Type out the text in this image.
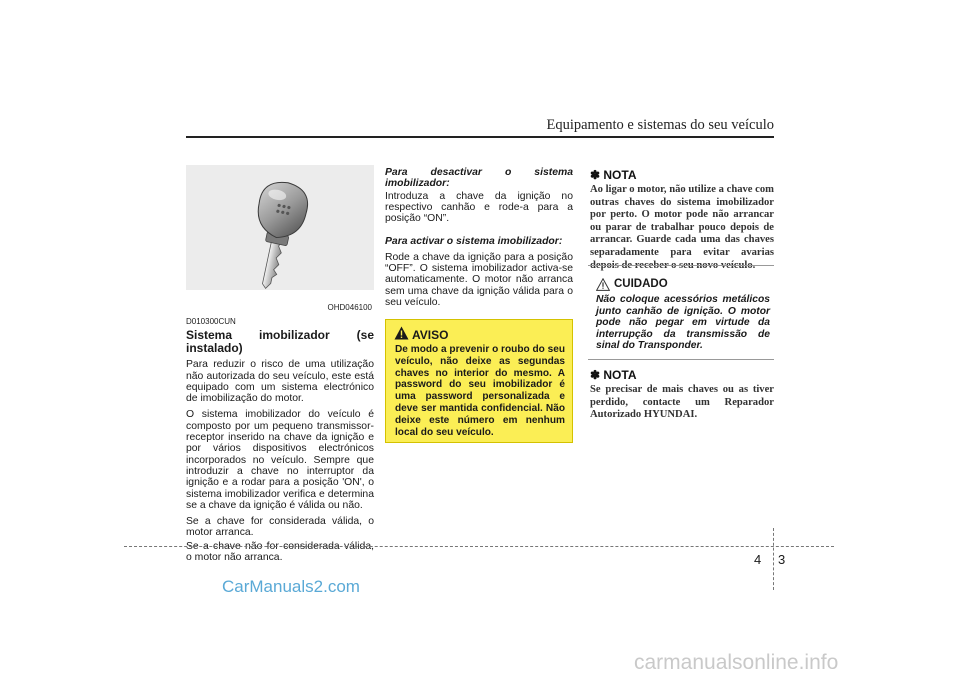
Equipamento e sistemas do seu veículo
OHD046100
D010300CUN
Sistema imobilizador (se instalado)

Para reduzir o risco de uma utilização não autorizada do seu veículo, este está equipado com um sistema electrónico de imobilização do motor.

O sistema imobilizador do veículo é composto por um pequeno transmissor-receptor inserido na chave da ignição e por vários dispositivos electrónicos incorporados no veículo. Sempre que introduzir a chave no interruptor da ignição e a rodar para a posição 'ON', o sistema imobilizador verifica e determina se a chave da ignição é válida ou não.

Se a chave for considerada válida, o motor arranca.

Se a chave não for considerada válida, o motor não arranca.

Para desactivar o sistema imobilizador:

Introduza a chave da ignição no respectivo canhão e rode-a para a posição “ON”.

Para activar o sistema imobilizador:

Rode a chave da ignição para a posição “OFF”. O sistema imobilizador activa-se automaticamente. O motor não arranca sem uma chave da ignição válida para o seu veículo.

AVISO
De modo a prevenir o roubo do seu veículo, não deixe as segundas chaves no interior do mesmo. A password do seu imobilizador é uma password personalizada e deve ser mantida confidencial. Não deixe este número em nenhum local do seu veículo.
✽ NOTA
Ao ligar o motor, não utilize a chave com outras chaves do sistema imobilizador por perto. O motor pode não arrancar ou parar de trabalhar pouco depois de arrancar. Guarde cada uma das chaves separadamente para evitar avarias depois de receber o seu novo veículo.
CUIDADO
Não coloque acessórios metálicos junto canhão de ignição. O motor pode não pegar em virtude da interrupção da transmissão de sinal do Transponder.
✽ NOTA
Se precisar de mais chaves ou as tiver perdido, contacte um Reparador Autorizado HYUNDAI.
4 3
CarManuals2.com
carmanualsonline.info
